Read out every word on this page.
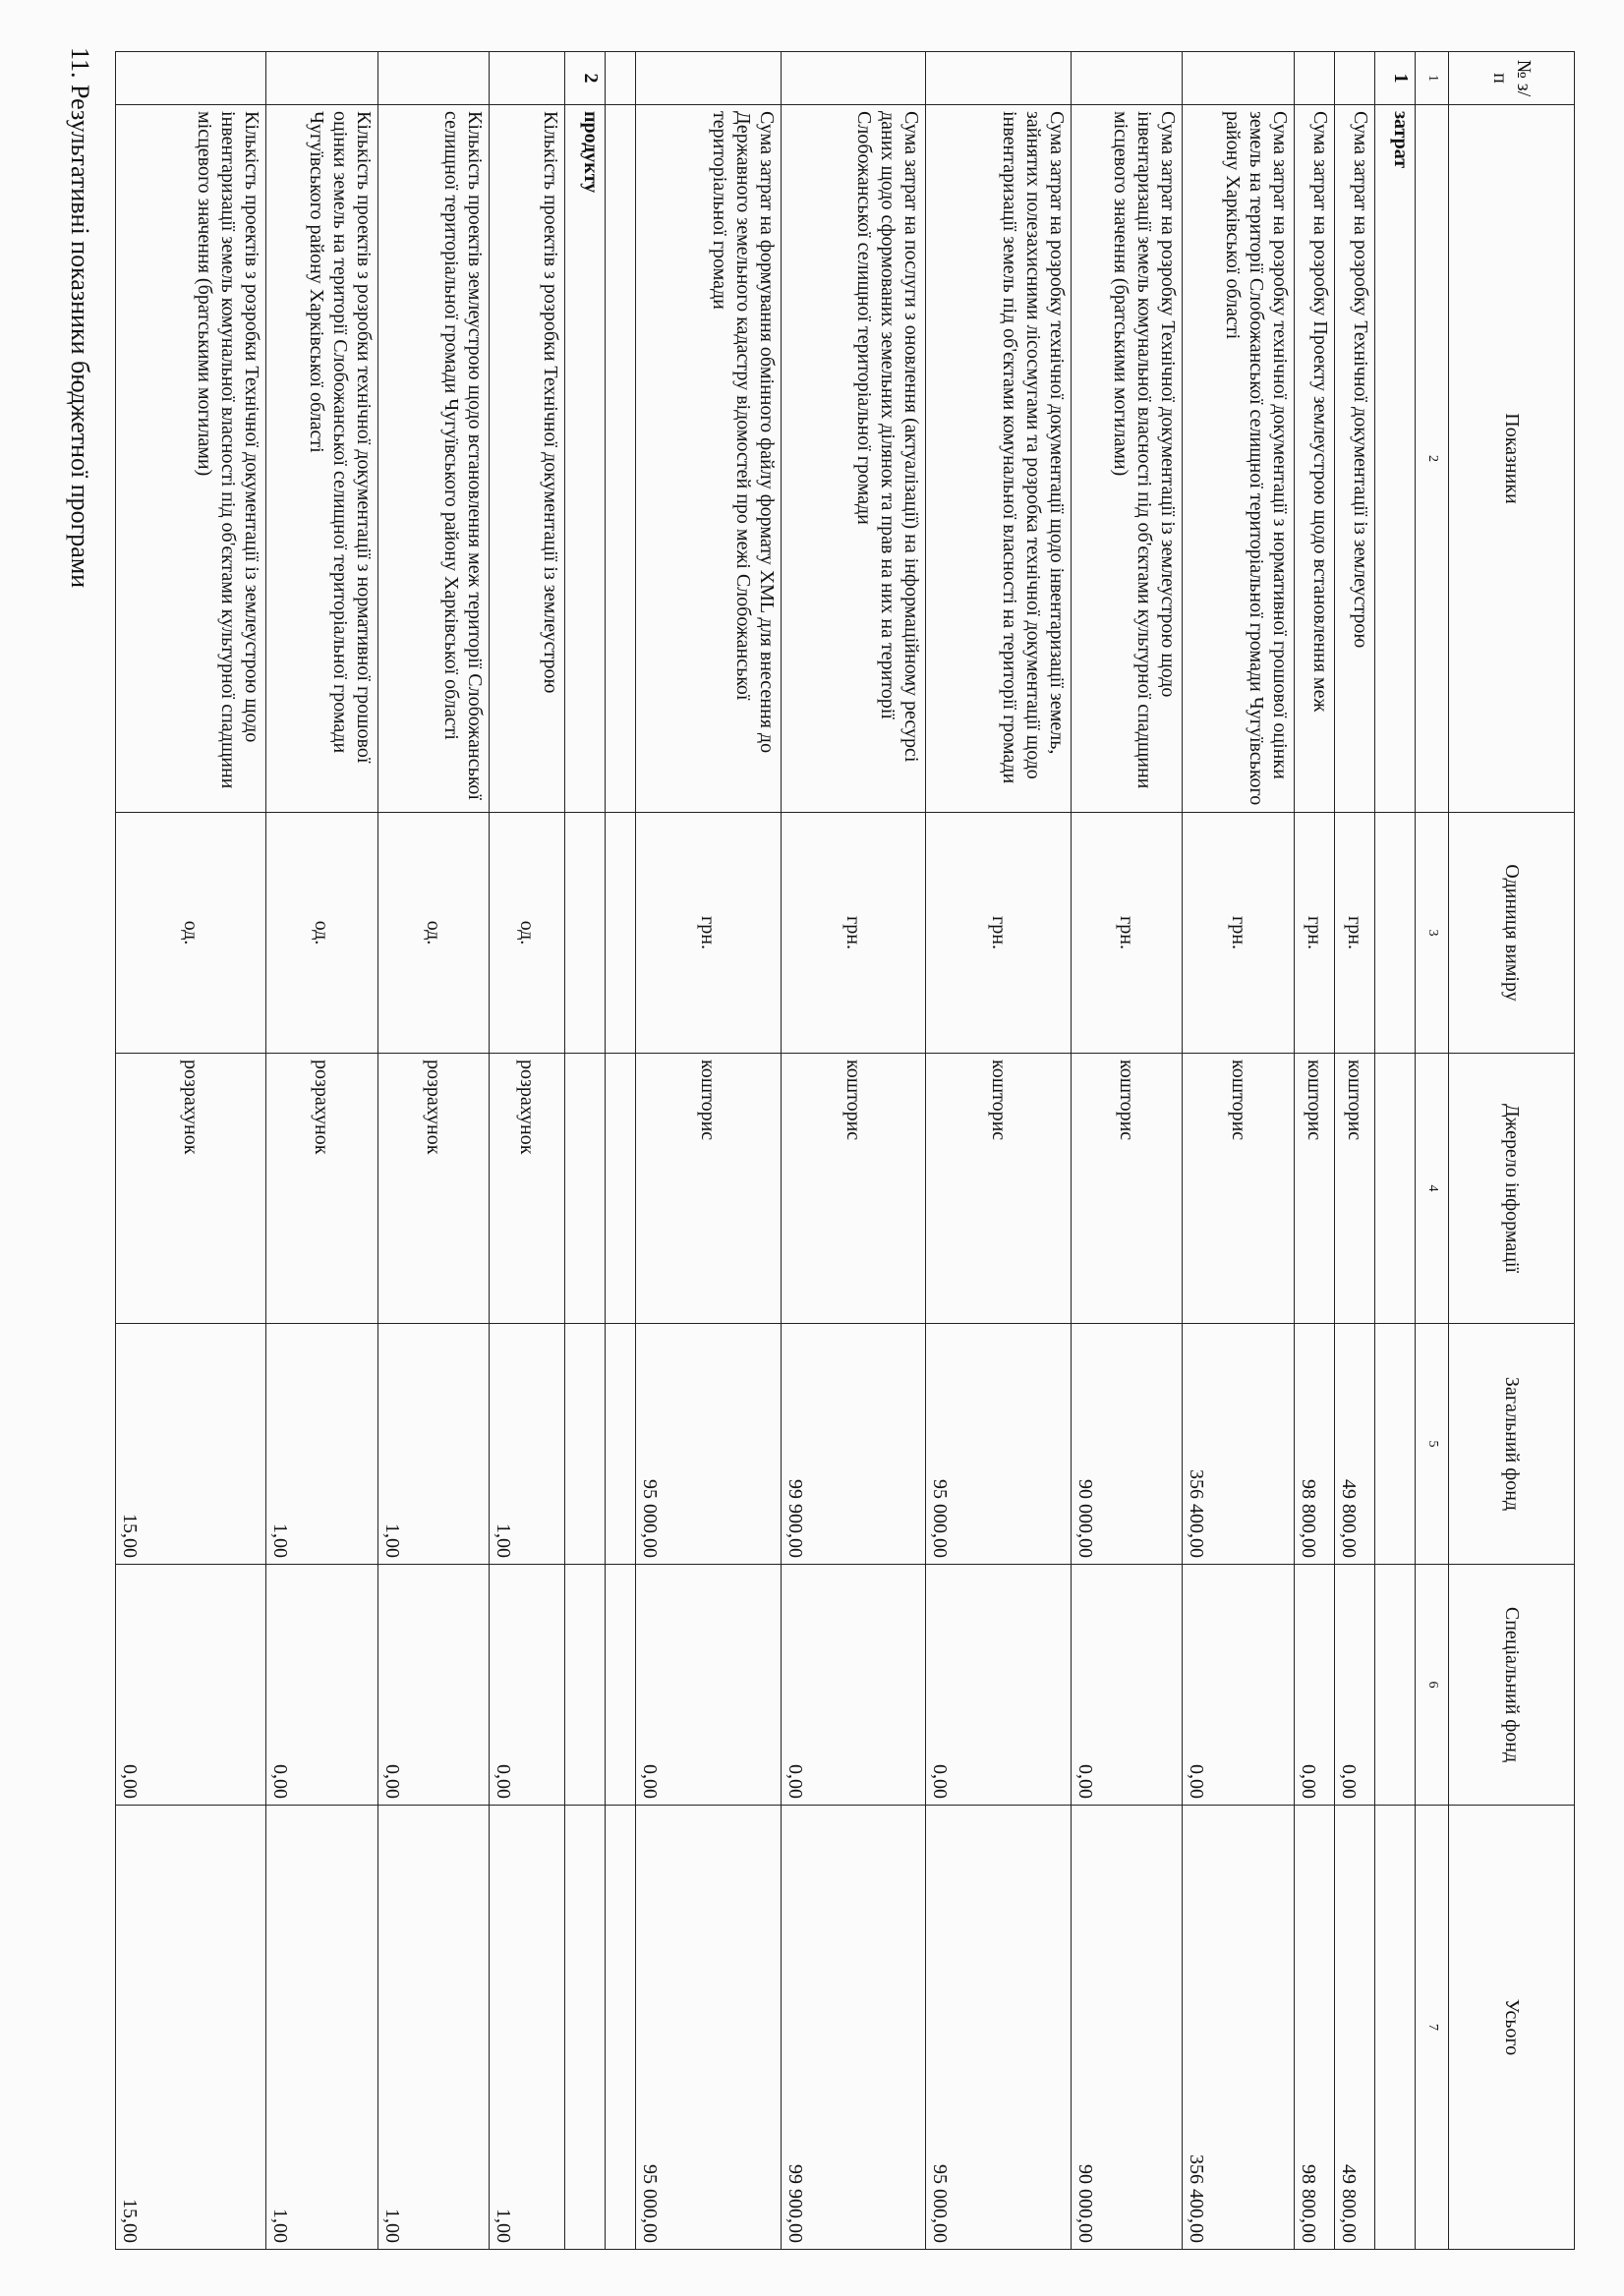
11. Результативні показники бюджетної програми	№ з/п	Показники	Одиниця виміру	Джерело інформації	Загальний фонд	Спеціальний фонд	Усього
1	2	3	4	5	6	7
1	затрат					
	Сума затрат на розробку Технічної документації із землеустрою	грн.	кошторис	49 800,00	0,00	49 800,00
	Сума затрат на розробку Проекту землеустрою щодо встановлення меж	грн.	кошторис	98 800,00	0,00	98 800,00
	Сума затрат на розробку технічної документації з нормативної грошової оцінки земель на території Слобожанської селищної територіальної громади Чугуївського району Харківської області	грн.	кошторис	356 400,00	0,00	356 400,00
	Сума затрат на розробку Технічної документації із землеустрою щодо інвентаризації земель комунальної власності під об'єктами культурної спадщини місцевого значення (братськими могилами)	грн.	кошторис	90 000,00	0,00	90 000,00
	Сума затрат на розробку технічної документації щодо інвентаризації земель, зайнятих полезахисними лісосмугами та розробка технічної документації щодо інвентаризації земель під об'єктами комунальної власності на території громади	грн.	кошторис	95 000,00	0,00	95 000,00
	Сума затрат на послуги з оновлення (актуалізації) на інформаційному ресурсі даних щодо сформованих земельних ділянок та прав на них на території Слобожанської селищної територіальної громади	грн.	кошторис	99 900,00	0,00	99 900,00
	Сума затрат на формування обмінного файлу формату XML для внесення до Державного земельного кадастру відомостей про межі Слобожанської територіальної громади	грн.	кошторис	95 000,00	0,00	95 000,00

2	продукту					
	Кількість проектів з розробки Технічної документації із землеустрою	од.	розрахунок	1,00	0,00	1,00
	Кількість проектів землеустрою щодо встановлення меж території Слобожанської селищної територіальної громади Чугуївського району Харківської області	од.	розрахунок	1,00	0,00	1,00
	Кількість проектів з розробки технічної документації з нормативної грошової оцінки земель на території Слобожанської селищної територіальної громади Чугуївського району Харківської області	од.	розрахунок	1,00	0,00	1,00
	Кількість проектів з розробки Технічної документації із землеустрою щодо інвентаризації земель комунальної власності під об'єктами культурної спадщини місцевого значення (братськими могилами)	од.	розрахунок	15,00	0,00	15,00
